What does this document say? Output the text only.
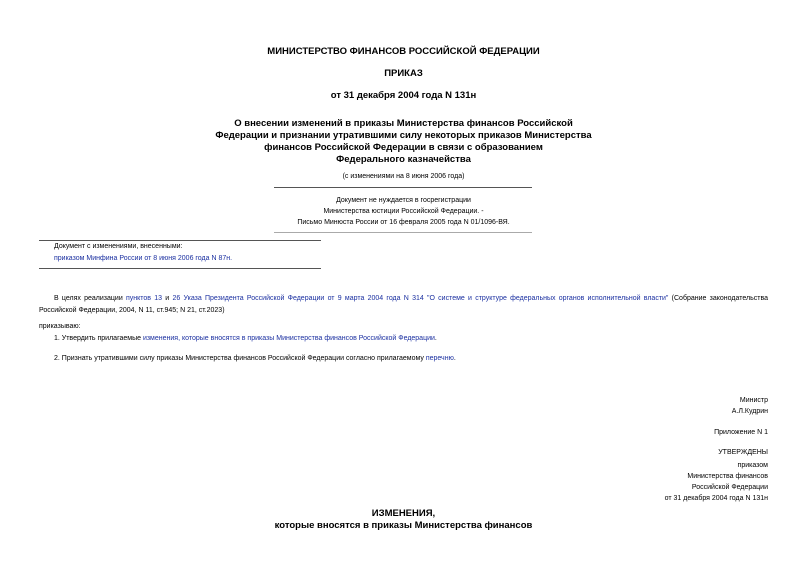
МИНИСТЕРСТВО ФИНАНСОВ РОССИЙСКОЙ ФЕДЕРАЦИИ
ПРИКАЗ
от 31 декабря 2004 года N 131н
О внесении изменений в приказы Министерства финансов Российской
Федерации и признании утратившими силу некоторых приказов Министерства
финансов Российской Федерации в связи с образованием
Федерального казначейства
(с изменениями на 8 июня 2006 года)
Документ не нуждается в госрегистрации
Министерства юстиции Российской Федерации. -
Письмо Минюста России от 16 февраля 2005 года N 01/1096-ВЯ.
Документ с изменениями, внесенными:
приказом Минфина России от 8 июня 2006 года N 87н.
В целях реализации пунктов 13 и 26 Указа Президента Российской Федерации от 9 марта 2004 года N 314 "О системе и структуре федеральных органов исполнительной власти" (Собрание законодательства Российской Федерации, 2004, N 11, ст.945; N 21, ст.2023)
приказываю:
1. Утвердить прилагаемые изменения, которые вносятся в приказы Министерства финансов Российской Федерации.
2. Признать утратившими силу приказы Министерства финансов Российской Федерации согласно прилагаемому перечню.
Министр
А.Л.Кудрин
Приложение N 1
УТВЕРЖДЕНЫ
приказом
Министерства финансов
Российской Федерации
от 31 декабря 2004 года N 131н
ИЗМЕНЕНИЯ,
которые вносятся в приказы Министерства финансов
